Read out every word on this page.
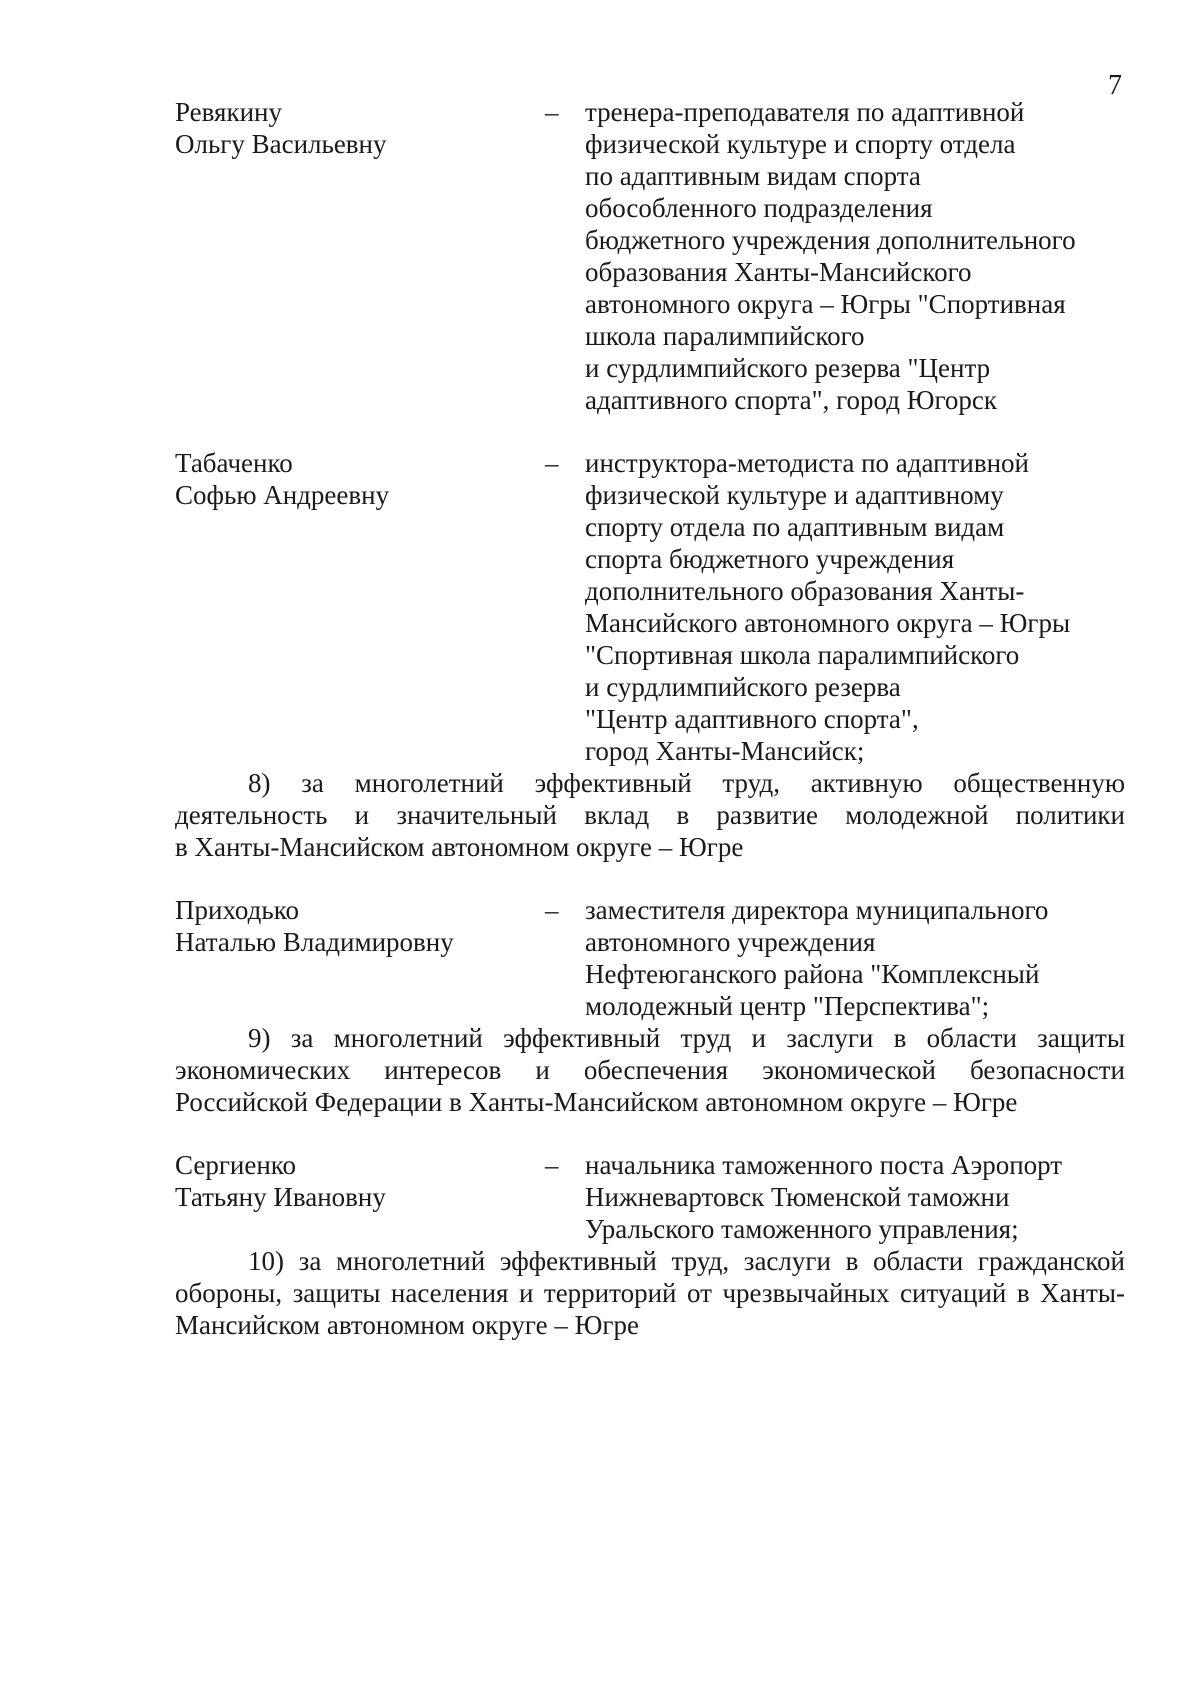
7
Ревякину
Ольгу Васильевну
– тренера-преподавателя по адаптивной
физической культуре и спорту отдела
по адаптивным видам спорта
обособленного подразделения
бюджетного учреждения дополнительного
образования Ханты-Мансийского
автономного округа – Югры "Спортивная
школа паралимпийского
и сурдлимпийского резерва "Центр
адаптивного спорта", город Югорск
Табаченко
Софью Андреевну
– инструктора-методиста по адаптивной
физической культуре и адаптивному
спорту отдела по адаптивным видам
спорта бюджетного учреждения
дополнительного образования Ханты-
Мансийского автономного округа – Югры
"Спортивная школа паралимпийского
и сурдлимпийского резерва
"Центр адаптивного спорта",
город Ханты-Мансийск;
8) за многолетний эффективный труд, активную общественную
деятельность и значительный вклад в развитие молодежной политики
в Ханты-Мансийском автономном округе – Югре
Приходько
Наталью Владимировну
– заместителя директора муниципального
автономного учреждения
Нефтеюганского района "Комплексный
молодежный центр "Перспектива";
9) за многолетний эффективный труд и заслуги в области защиты
экономических интересов и обеспечения экономической безопасности
Российской Федерации в Ханты-Мансийском автономном округе – Югре
Сергиенко
Татьяну Ивановну
– начальника таможенного поста Аэропорт
Нижневартовск Тюменской таможни
Уральского таможенного управления;
10) за многолетний эффективный труд, заслуги в области гражданской
обороны, защиты населения и территорий от чрезвычайных ситуаций в Ханты-
Мансийском автономном округе – Югре
